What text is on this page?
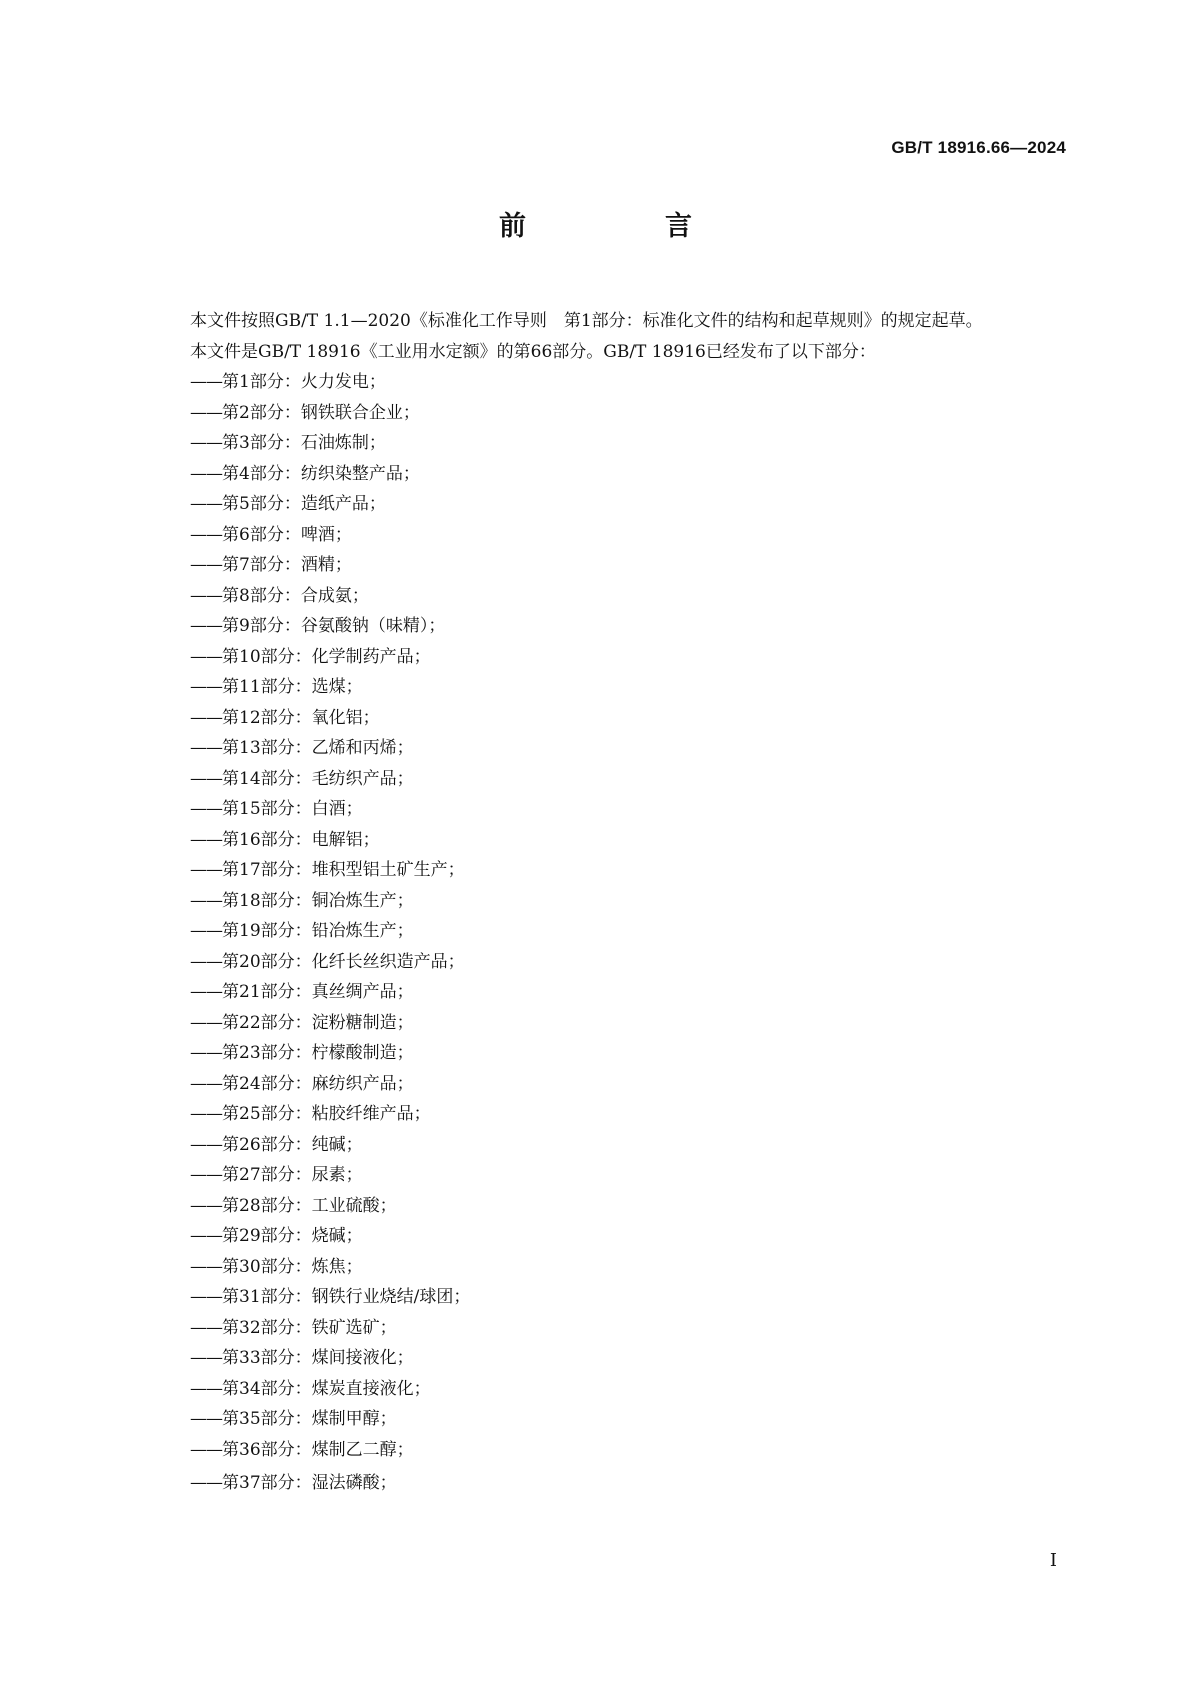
GB/T 18916.66—2024
前　言

本文件按照GB/T 1.1—2020《标准化工作导则　第1部分：标准化文件的结构和起草规则》的规定起草。

本文件是GB/T 18916《工业用水定额》的第66部分。GB/T 18916已经发布了以下部分：

——第1部分：火力发电；
——第2部分：钢铁联合企业；
——第3部分：石油炼制；
——第4部分：纺织染整产品；
——第5部分：造纸产品；
——第6部分：啤酒；
——第7部分：酒精；
——第8部分：合成氨；
——第9部分：谷氨酸钠（味精）；
——第10部分：化学制药产品；
——第11部分：选煤；
——第12部分：氧化铝；
——第13部分：乙烯和丙烯；
——第14部分：毛纺织产品；
——第15部分：白酒；
——第16部分：电解铝；
——第17部分：堆积型铝土矿生产；
——第18部分：铜冶炼生产；
——第19部分：铅冶炼生产；
——第20部分：化纤长丝织造产品；
——第21部分：真丝绸产品；
——第22部分：淀粉糖制造；
——第23部分：柠檬酸制造；
——第24部分：麻纺织产品；
——第25部分：粘胶纤维产品；
——第26部分：纯碱；
——第27部分：尿素；
——第28部分：工业硫酸；
——第29部分：烧碱；
——第30部分：炼焦；
——第31部分：钢铁行业烧结/球团；
——第32部分：铁矿选矿；
——第33部分：煤间接液化；
——第34部分：煤炭直接液化；
——第35部分：煤制甲醇；
——第36部分：煤制乙二醇；
——第37部分：湿法磷酸；
I
